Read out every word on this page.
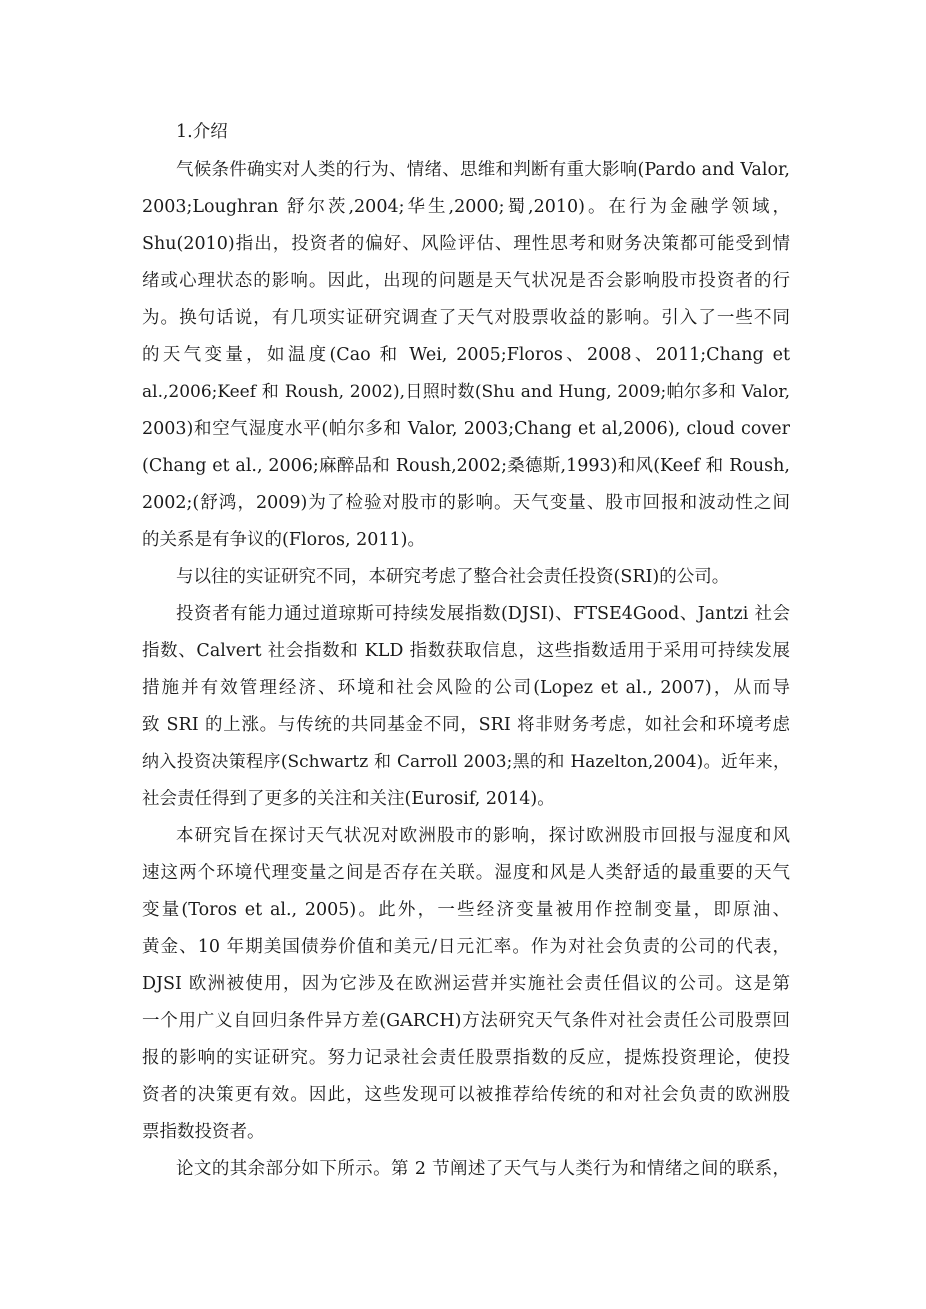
1.介绍
气候条件确实对人类的行为、情绪、思维和判断有重大影响(Pardo and Valor,
2003;Loughran 舒尔茨,2004;华生,2000;蜀,2010)。在行为金融学领域，
Shu(2010)指出，投资者的偏好、风险评估、理性思考和财务决策都可能受到情
绪或心理状态的影响。因此，出现的问题是天气状况是否会影响股市投资者的行
为。换句话说，有几项实证研究调查了天气对股票收益的影响。引入了一些不同
的天气变量，如温度(Cao 和 Wei, 2005;Floros、2008、2011;Chang et
al.,2006;Keef 和 Roush, 2002),日照时数(Shu and Hung, 2009;帕尔多和 Valor,
2003)和空气湿度水平(帕尔多和 Valor, 2003;Chang et al,2006), cloud cover
(Chang et al., 2006;麻醉品和 Roush,2002;桑德斯,1993)和风(Keef 和 Roush,
2002;(舒鸿，2009)为了检验对股市的影响。天气变量、股市回报和波动性之间
的关系是有争议的(Floros, 2011)。
与以往的实证研究不同，本研究考虑了整合社会责任投资(SRI)的公司。
投资者有能力通过道琼斯可持续发展指数(DJSI)、FTSE4Good、Jantzi 社会
指数、Calvert 社会指数和 KLD 指数获取信息，这些指数适用于采用可持续发展
措施并有效管理经济、环境和社会风险的公司(Lopez et al., 2007)，从而导
致 SRI 的上涨。与传统的共同基金不同，SRI 将非财务考虑，如社会和环境考虑
纳入投资决策程序(Schwartz 和 Carroll 2003;黑的和 Hazelton,2004)。近年来，
社会责任得到了更多的关注和关注(Eurosif, 2014)。
本研究旨在探讨天气状况对欧洲股市的影响，探讨欧洲股市回报与湿度和风
速这两个环境代理变量之间是否存在关联。湿度和风是人类舒适的最重要的天气
变量(Toros et al., 2005)。此外，一些经济变量被用作控制变量，即原油、
黄金、10 年期美国债券价值和美元/日元汇率。作为对社会负责的公司的代表，
DJSI 欧洲被使用，因为它涉及在欧洲运营并实施社会责任倡议的公司。这是第
一个用广义自回归条件异方差(GARCH)方法研究天气条件对社会责任公司股票回
报的影响的实证研究。努力记录社会责任股票指数的反应，提炼投资理论，使投
资者的决策更有效。因此，这些发现可以被推荐给传统的和对社会负责的欧洲股
票指数投资者。
论文的其余部分如下所示。第 2 节阐述了天气与人类行为和情绪之间的联系，
